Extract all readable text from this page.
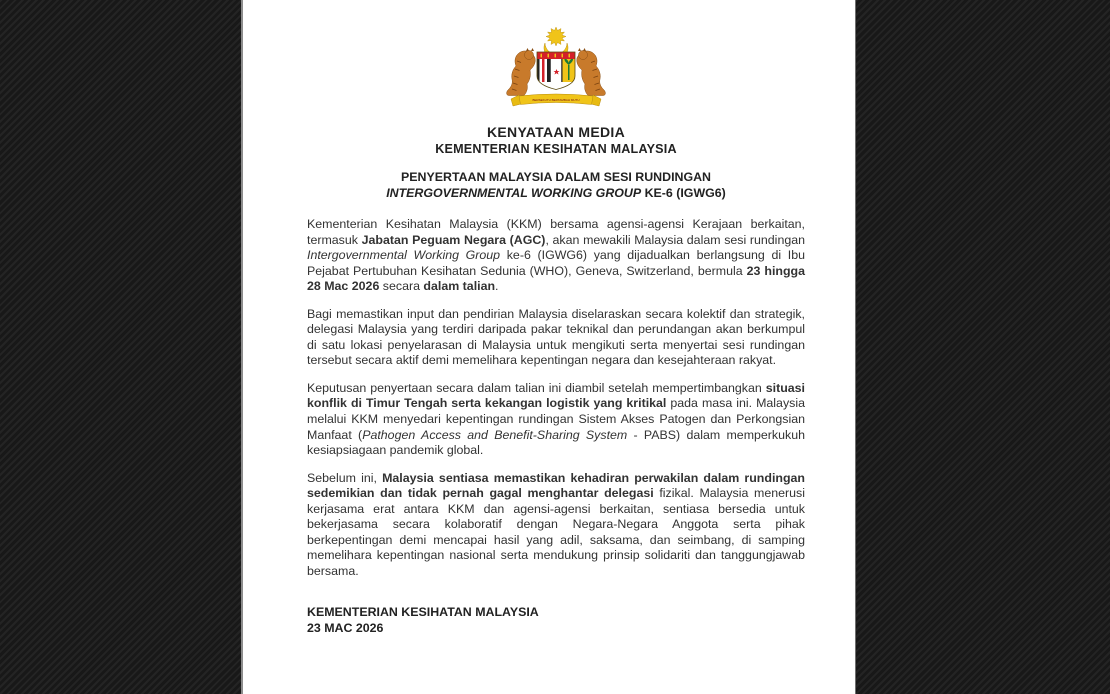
BERSEKUTU BERTAMBAH MUTU
KENYATAAN MEDIA
KEMENTERIAN KESIHATAN MALAYSIA
PENYERTAAN MALAYSIA DALAM SESI RUNDINGAN
INTERGOVERNMENTAL WORKING GROUP KE-6 (IGWG6)

Kementerian Kesihatan Malaysia (KKM) bersama agensi-agensi Kerajaan berkaitan, termasuk Jabatan Peguam Negara (AGC), akan mewakili Malaysia dalam sesi rundingan Intergovernmental Working Group ke-6 (IGWG6) yang dijadualkan berlangsung di Ibu Pejabat Pertubuhan Kesihatan Sedunia (WHO), Geneva, Switzerland, bermula 23 hingga 28 Mac 2026 secara dalam talian.

Bagi memastikan input dan pendirian Malaysia diselaraskan secara kolektif dan strategik, delegasi Malaysia yang terdiri daripada pakar teknikal dan perundangan akan berkumpul di satu lokasi penyelarasan di Malaysia untuk mengikuti serta menyertai sesi rundingan tersebut secara aktif demi memelihara kepentingan negara dan kesejahteraan rakyat.

Keputusan penyertaan secara dalam talian ini diambil setelah mempertimbangkan situasi konflik di Timur Tengah serta kekangan logistik yang kritikal pada masa ini. Malaysia melalui KKM menyedari kepentingan rundingan Sistem Akses Patogen dan Perkongsian Manfaat (Pathogen Access and Benefit-Sharing System - PABS) dalam memperkukuh kesiapsiagaan pandemik global.

Sebelum ini, Malaysia sentiasa memastikan kehadiran perwakilan dalam rundingan sedemikian dan tidak pernah gagal menghantar delegasi fizikal. Malaysia menerusi kerjasama erat antara KKM dan agensi-agensi berkaitan, sentiasa bersedia untuk bekerjasama secara kolaboratif dengan Negara-Negara Anggota serta pihak berkepentingan demi mencapai hasil yang adil, saksama, dan seimbang, di samping memelihara kepentingan nasional serta mendukung prinsip solidariti dan tanggungjawab bersama.

KEMENTERIAN KESIHATAN MALAYSIA
23 MAC 2026
